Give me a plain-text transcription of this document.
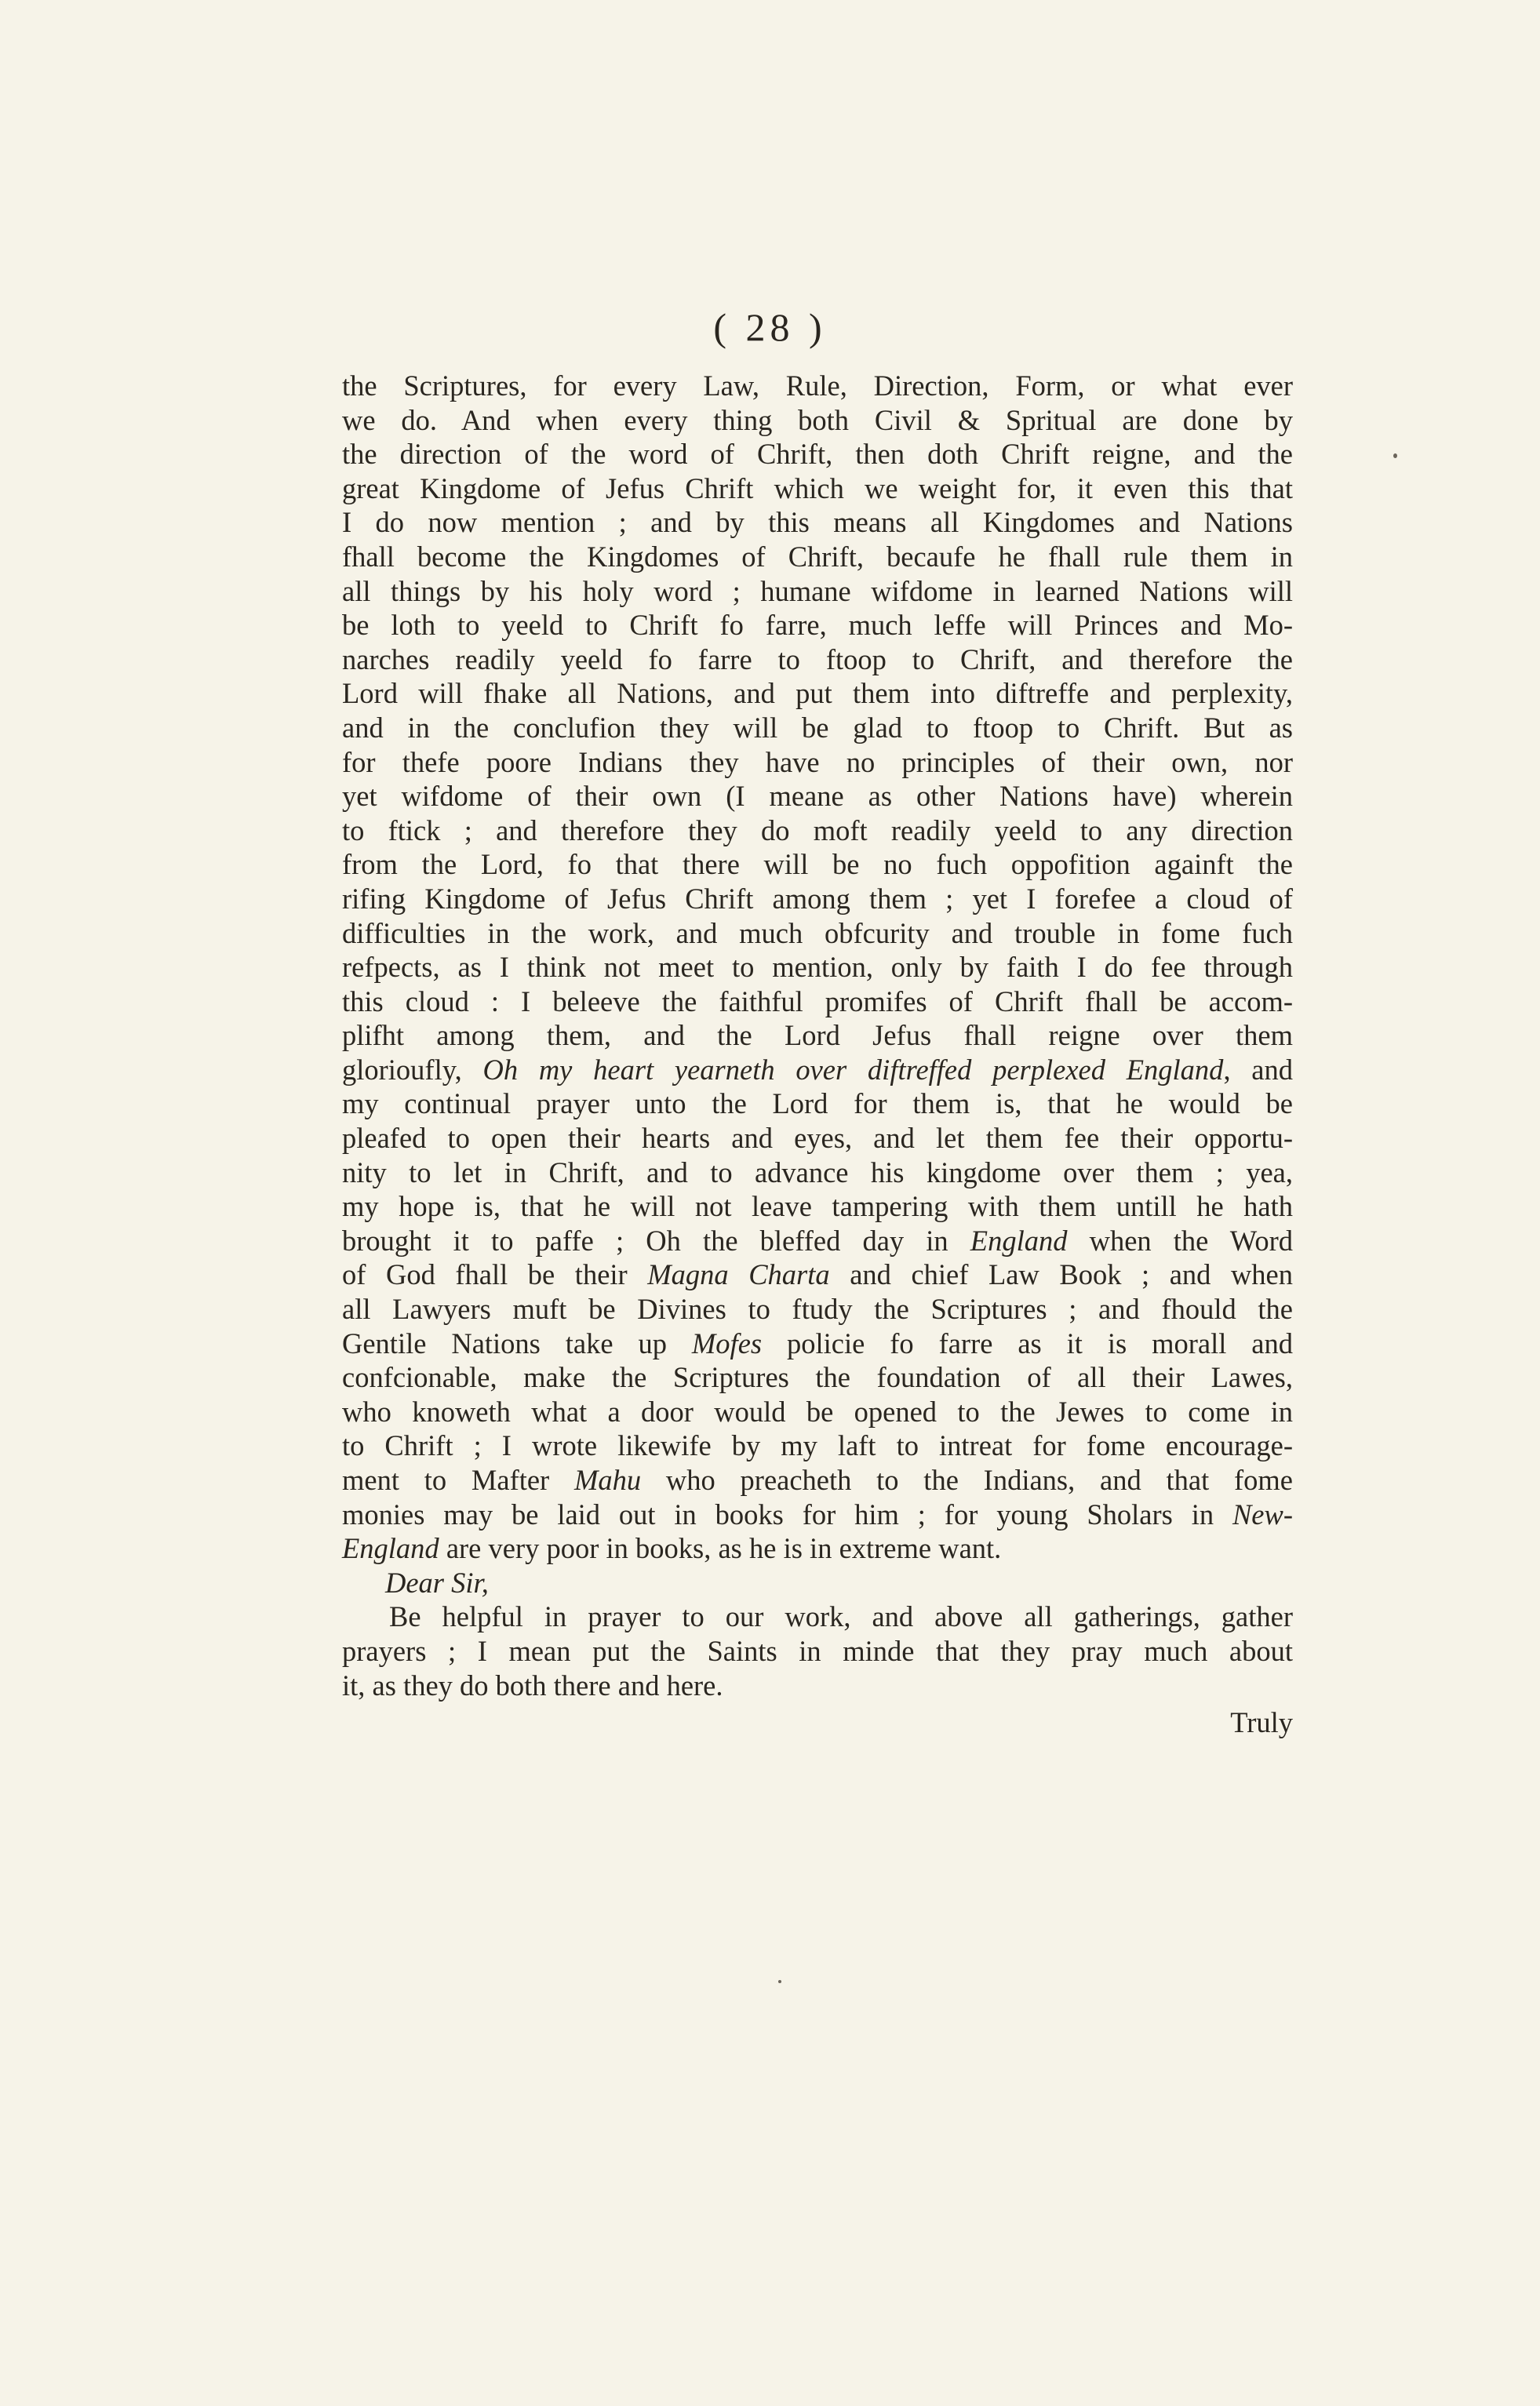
( 28 )
the Scriptures, for every Law, Rule, Direction, Form, or what ever
we do. And when every thing both Civil & Spritual are done by
the direction of the word of Chrift, then doth Chrift reigne, and the
great Kingdome of Jefus Chrift which we weight for, it even this that
I do now mention ; and by this means all Kingdomes and Nations
fhall become the Kingdomes of Chrift, becaufe he fhall rule them in
all things by his holy word ; humane wifdome in learned Nations will
be loth to yeeld to Chrift fo farre, much leffe will Princes and Mo-
narches readily yeeld fo farre to ftoop to Chrift, and therefore the
Lord will fhake all Nations, and put them into diftreffe and perplexity,
and in the conclufion they will be glad to ftoop to Chrift. But as
for thefe poore Indians they have no principles of their own, nor
yet wifdome of their own (I meane as other Nations have) wherein
to ftick ; and therefore they do moft readily yeeld to any direction
from the Lord, fo that there will be no fuch oppofition againft the
rifing Kingdome of Jefus Chrift among them ; yet I forefee a cloud of
difficulties in the work, and much obfcurity and trouble in fome fuch
refpects, as I think not meet to mention, only by faith I do fee through
this cloud : I beleeve the faithful promifes of Chrift fhall be accom-
plifht among them, and the Lord Jefus fhall reigne over them
glorioufly, Oh my heart yearneth over diftreffed perplexed England, and
my continual prayer unto the Lord for them is, that he would be
pleafed to open their hearts and eyes, and let them fee their opportu-
nity to let in Chrift, and to advance his kingdome over them ; yea,
my hope is, that he will not leave tampering with them untill he hath
brought it to paffe ; Oh the bleffed day in England when the Word
of God fhall be their Magna Charta and chief Law Book ; and when
all Lawyers muft be Divines to ftudy the Scriptures ; and fhould the
Gentile Nations take up Mofes policie fo farre as it is morall and
confcionable, make the Scriptures the foundation of all their Lawes,
who knoweth what a door would be opened to the Jewes to come in
to Chrift ; I wrote likewife by my laft to intreat for fome encourage-
ment to Mafter Mahu who preacheth to the Indians, and that fome
monies may be laid out in books for him ; for young Sholars in New-
England are very poor in books, as he is in extreme want.
Dear Sir,
Be helpful in prayer to our work, and above all gatherings, gather
prayers ; I mean put the Saints in minde that they pray much about
it, as they do both there and here.
Truly
